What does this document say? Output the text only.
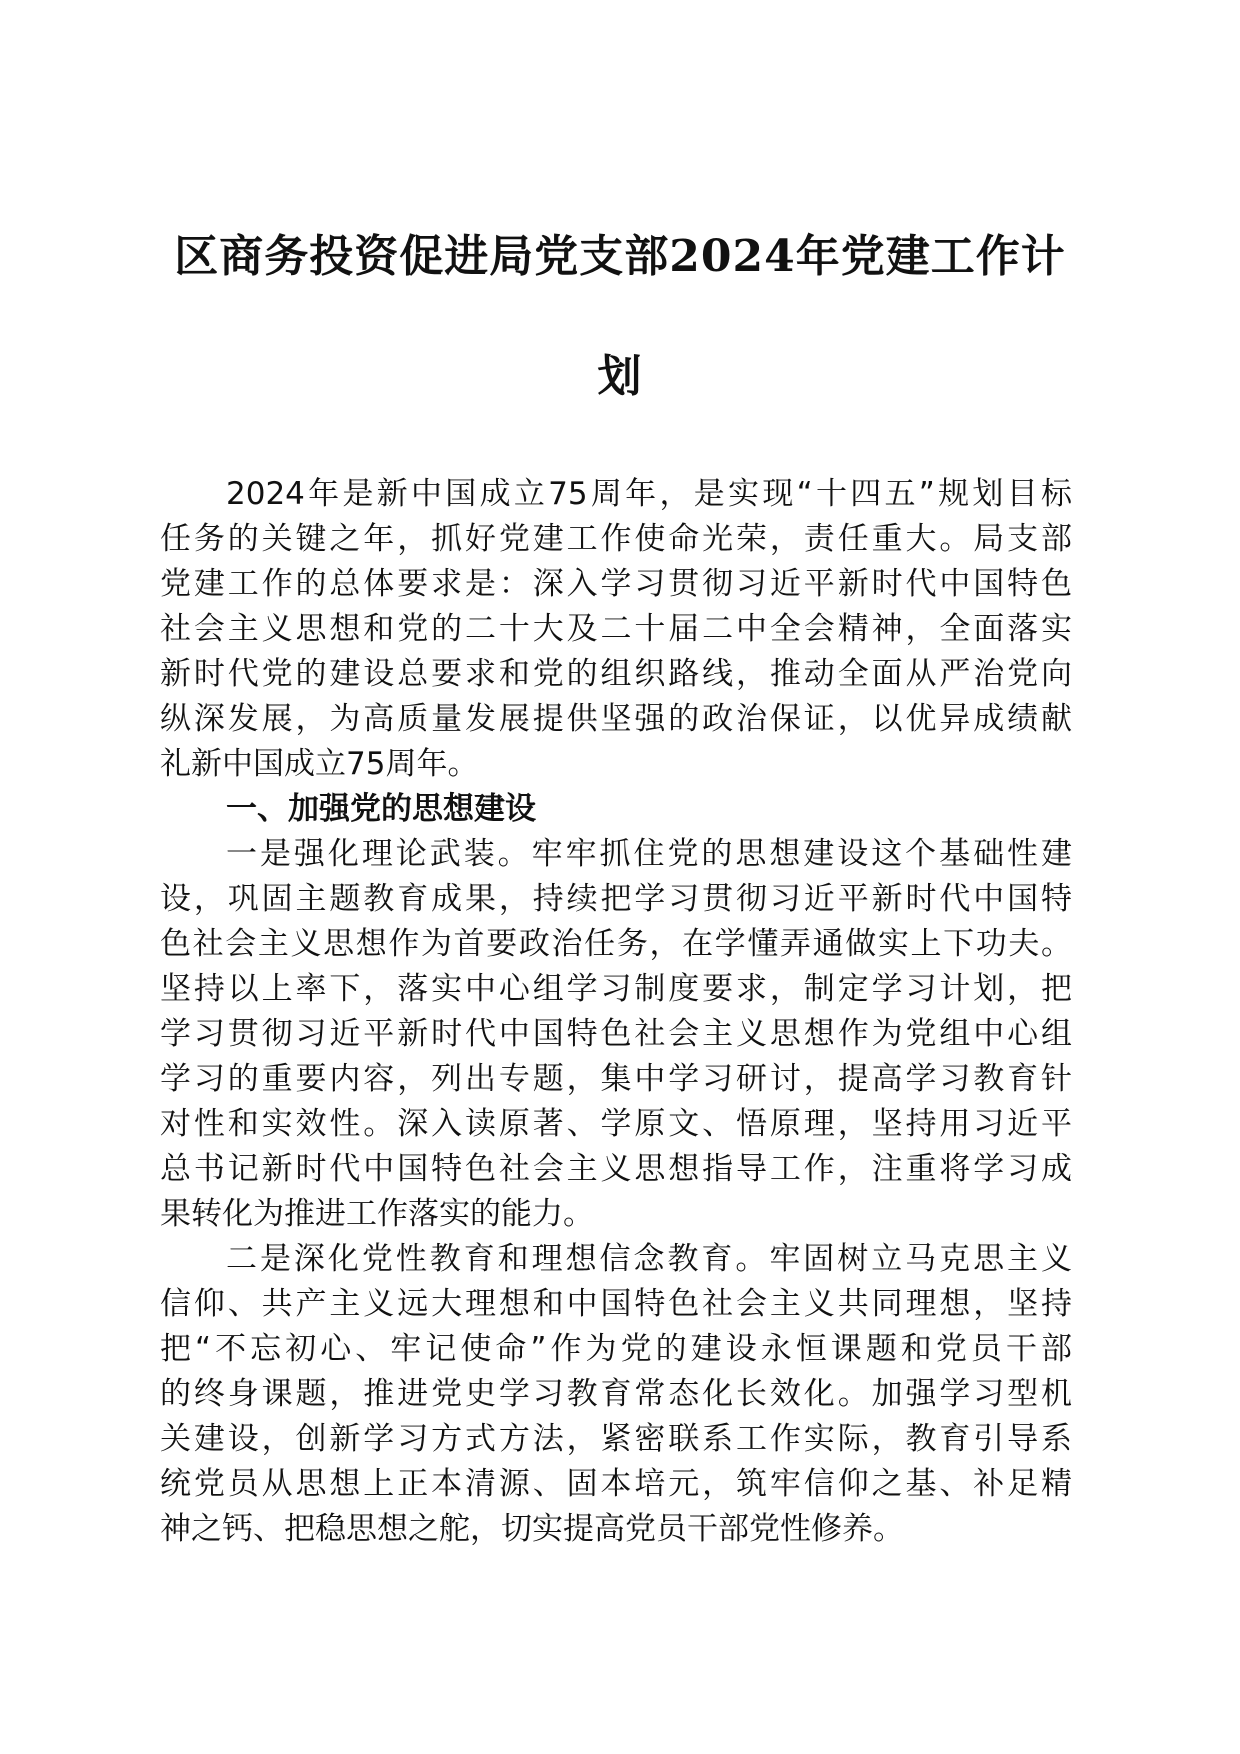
区商务投资促进局党支部2024年党建工作计
划
2024年是新中国成立75周年，是实现“十四五”规划目标
任务的关键之年，抓好党建工作使命光荣，责任重大。局支部
党建工作的总体要求是：深入学习贯彻习近平新时代中国特色
社会主义思想和党的二十大及二十届二中全会精神，全面落实
新时代党的建设总要求和党的组织路线，推动全面从严治党向
纵深发展，为高质量发展提供坚强的政治保证，以优异成绩献
礼新中国成立75周年。
一、加强党的思想建设
一是强化理论武装。牢牢抓住党的思想建设这个基础性建
设，巩固主题教育成果，持续把学习贯彻习近平新时代中国特
色社会主义思想作为首要政治任务，在学懂弄通做实上下功夫。
坚持以上率下，落实中心组学习制度要求，制定学习计划，把
学习贯彻习近平新时代中国特色社会主义思想作为党组中心组
学习的重要内容，列出专题，集中学习研讨，提高学习教育针
对性和实效性。深入读原著、学原文、悟原理，坚持用习近平
总书记新时代中国特色社会主义思想指导工作，注重将学习成
果转化为推进工作落实的能力。
二是深化党性教育和理想信念教育。牢固树立马克思主义
信仰、共产主义远大理想和中国特色社会主义共同理想，坚持
把“不忘初心、牢记使命”作为党的建设永恒课题和党员干部
的终身课题，推进党史学习教育常态化长效化。加强学习型机
关建设，创新学习方式方法，紧密联系工作实际，教育引导系
统党员从思想上正本清源、固本培元，筑牢信仰之基、补足精
神之钙、把稳思想之舵，切实提高党员干部党性修养。
